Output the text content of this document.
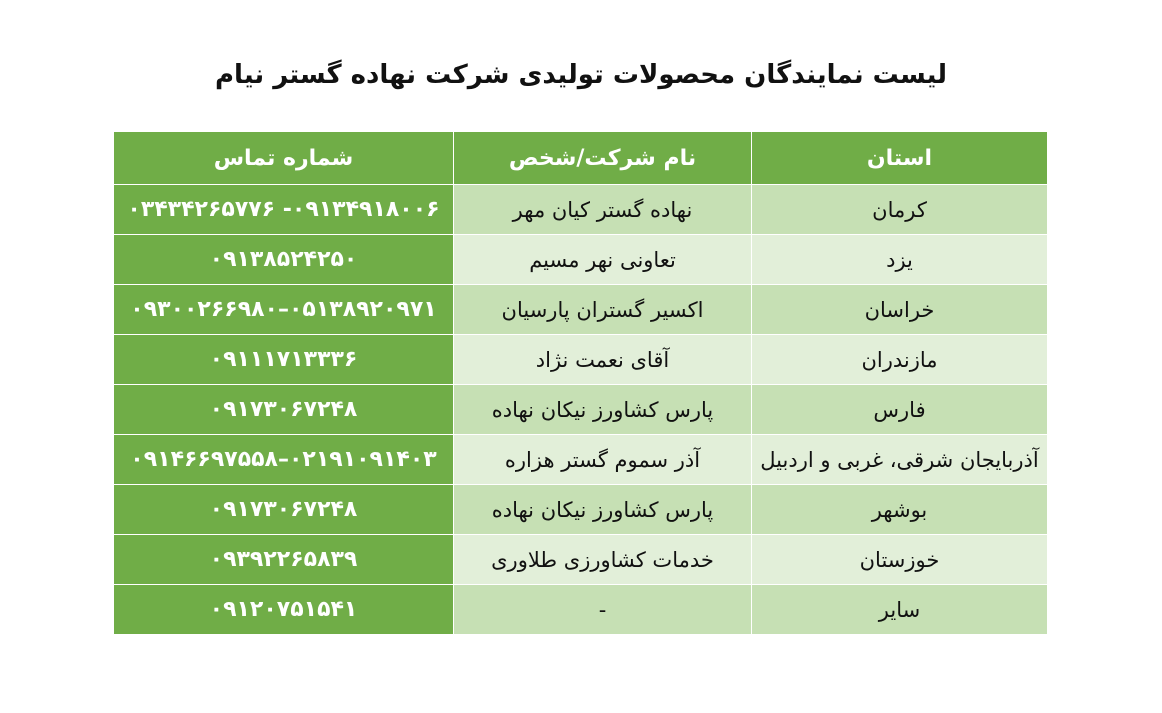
لیست نمایندگان محصولات تولیدی شرکت نهاده گستر نیام
استان	نام شرکت/شخص	شماره تماس
کرمان	نهاده گستر کیان مهر	۰۳۴۳۴۲۶۵۷۷۶ -۰۹۱۳۴۹۱۸۰۰۶
یزد	تعاونی نهر مسیم	۰۹۱۳۸۵۲۴۲۵۰
خراسان	اکسیر گستران پارسیان	۰۹۳۰۰۲۶۶۹۸۰–۰۵۱۳۸۹۲۰۹۷۱
مازندران	آقای نعمت نژاد	۰۹۱۱۱۷۱۳۳۳۶
فارس	پارس کشاورز نیکان نهاده	۰۹۱۷۳۰۶۷۲۴۸
آذربایجان شرقی، غربی و اردبیل	آذر سموم گستر هزاره	۰۹۱۴۶۶۹۷۵۵۸–۰۲۱۹۱۰۹۱۴۰۳
بوشهر	پارس کشاورز نیکان نهاده	۰۹۱۷۳۰۶۷۲۴۸
خوزستان	خدمات کشاورزی طلاوری	۰۹۳۹۲۲۶۵۸۳۹
سایر	-	۰۹۱۲۰۷۵۱۵۴۱
